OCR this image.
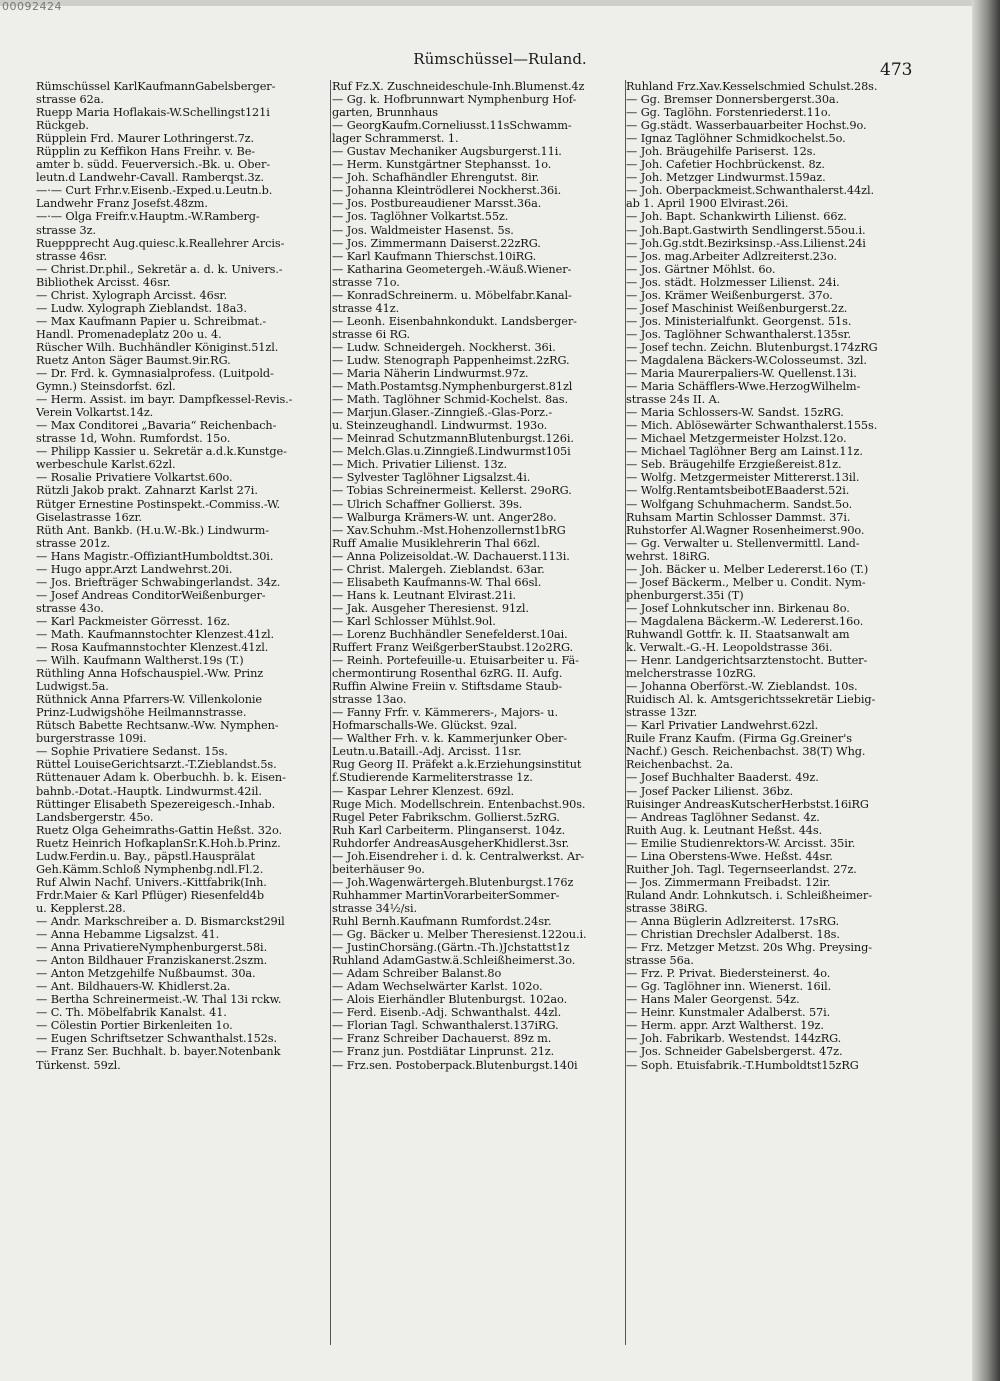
00092424
Rümschüssel—Ruland.
473
Rümschüssel KarlKaufmannGabelsberger-
strasse 62a.
Ruepp Maria Hoflakais-W.Schellingst121i
Rückgeb.
Rüpplein Frd. Maurer Lothringerst.7z.
Rüpplin zu Keffikon Hans Freihr. v. Be-
amter b. südd. Feuerversich.-Bk. u. Ober-
leutn.d Landwehr-Cavall. Ramberqst.3z.
—·— Curt Frhr.v.Eisenb.-Exped.u.Leutn.b.
Landwehr Franz Josefst.48zm.
—·— Olga Freifr.v.Hauptm.-W.Ramberg-
strasse 3z.
Rueppprecht Aug.quiesc.k.Reallehrer Arcis-
strasse 46sr.
— Christ.Dr.phil., Sekretär a. d. k. Univers.-
Bibliothek Arcisst. 46sr.
— Christ. Xylograph Arcisst. 46sr.
— Ludw. Xylograph Zieblandst. 18a3.
— Max Kaufmann Papier u. Schreibmat.-
Handl. Promenadeplatz 20o u. 4.
Rüscher Wilh. Buchhändler Königinst.51zl.
Ruetz Anton Säger Baumst.9ir.RG.
— Dr. Frd. k. Gymnasialprofess. (Luitpold-
Gymn.) Steinsdorfst. 6zl.
— Herm. Assist. im bayr. Dampfkessel-Revis.-
Verein Volkartst.14z.
— Max Conditorei „Bavaria“ Reichenbach-
strasse 1d, Wohn. Rumfordst. 15o.
— Philipp Kassier u. Sekretär a.d.k.Kunstge-
werbeschule Karlst.62zl.
— Rosalie Privatiere Volkartst.60o.
Rützli Jakob prakt. Zahnarzt Karlst 27i.
Rütger Ernestine Postinspekt.-Commiss.-W.
Giselastrasse 16zr.
Rüth Ant. Bankb. (H.u.W.-Bk.) Lindwurm-
strasse 201z.
— Hans Magistr.-OffiziantHumboldtst.30i.
— Hugo appr.Arzt Landwehrst.20i.
— Jos. Briefträger Schwabingerlandst. 34z.
— Josef Andreas ConditorWeißenburger-
strasse 43o.
— Karl Packmeister Görresst. 16z.
— Math. Kaufmannstochter Klenzest.41zl.
— Rosa Kaufmannstochter Klenzest.41zl.
— Wilh. Kaufmann Waltherst.19s (T.)
Rüthling Anna Hofschauspiel.-Ww. Prinz
Ludwigst.5a.
Rüthnick Anna Pfarrers-W. Villenkolonie
Prinz-Ludwigshöhe Heilmannstrasse.
Rütsch Babette Rechtsanw.-Ww. Nymphen-
burgerstrasse 109i.
— Sophie Privatiere Sedanst. 15s.
Rüttel LouiseGerichtsarzt.-T.Zieblandst.5s.
Rüttenauer Adam k. Oberbuchh. b. k. Eisen-
bahnb.-Dotat.-Hauptk. Lindwurmst.42il.
Rüttinger Elisabeth Spezereigesch.-Inhab.
Landsbergerstr. 45o.
Ruetz Olga Geheimraths-Gattin Heßst. 32o.
Ruetz Heinrich HofkaplanSr.K.Hoh.b.Prinz.
Ludw.Ferdin.u. Bay., päpstl.Hausprälat
Geh.Kämm.Schloß Nymphenbg.ndl.Fl.2.
Ruf Alwin Nachf. Univers.-Kittfabrik(Inh.
Frdr.Maier & Karl Pflüger) Riesenfeld4b
u. Kepplerst.28.
— Andr. Markschreiber a. D. Bismarckst29il
— Anna Hebamme Ligsalzst. 41.
— Anna PrivatiereNymphenburgerst.58i.
— Anton Bildhauer Franziskanerst.2szm.
— Anton Metzgehilfe Nußbaumst. 30a.
— Ant. Bildhauers-W. Khidlerst.2a.
— Bertha Schreinermeist.-W. Thal 13i rckw.
— C. Th. Möbelfabrik Kanalst. 41.
— Cölestin Portier Birkenleiten 1o.
— Eugen Schriftsetzer Schwanthalst.152s.
— Franz Ser. Buchhalt. b. bayer.Notenbank
Türkenst. 59zl.
Ruf Fz.X. Zuschneideschule-Inh.Blumenst.4z
— Gg. k. Hofbrunnwart Nymphenburg Hof-
garten, Brunnhaus
— GeorgKaufm.Corneliusst.11sSchwamm-
lager Schrammerst. 1.
— Gustav Mechaniker Augsburgerst.11i.
— Herm. Kunstgärtner Stephansst. 1o.
— Joh. Schafhändler Ehrengutst. 8ir.
— Johanna Kleintrödlerei Nockherst.36i.
— Jos. Postbureaudiener Marsst.36a.
— Jos. Taglöhner Volkartst.55z.
— Jos. Waldmeister Hasenst. 5s.
— Jos. Zimmermann Daiserst.22zRG.
— Karl Kaufmann Thierschst.10iRG.
— Katharina Geometergeh.-W.äuß.Wiener-
strasse 71o.
— KonradSchreinerm. u. Möbelfabr.Kanal-
strasse 41z.
— Leonh. Eisenbahnkondukt. Landsberger-
strasse 6i RG.
— Ludw. Schneidergeh. Nockherst. 36i.
— Ludw. Stenograph Pappenheimst.2zRG.
— Maria Näherin Lindwurmst.97z.
— Math.Postamtsg.Nymphenburgerst.81zl
— Math. Taglöhner Schmid-Kochelst. 8as.
— Marjun.Glaser.-Zinngieß.-Glas-Porz.-
u. Steinzeughandl. Lindwurmst. 193o.
— Meinrad SchutzmannBlutenburgst.126i.
— Melch.Glas.u.Zinngieß.Lindwurmst105i
— Mich. Privatier Lilienst. 13z.
— Sylvester Taglöhner Ligsalzst.4i.
— Tobias Schreinermeist. Kellerst. 29oRG.
— Ulrich Schaffner Gollierst. 39s.
— Walburga Krämers-W. unt. Anger28o.
— Xav.Schuhm.-Mst.Hohenzollernst1bRG
Ruff Amalie Musiklehrerin Thal 66zl.
— Anna Polizeisoldat.-W. Dachauerst.113i.
— Christ. Malergeh. Zieblandst. 63ar.
— Elisabeth Kaufmanns-W. Thal 66sl.
— Hans k. Leutnant Elvirast.21i.
— Jak. Ausgeher Theresienst. 91zl.
— Karl Schlosser Mühlst.9ol.
— Lorenz Buchhändler Senefelderst.10ai.
Ruffert Franz WeißgerberStaubst.12o2RG.
— Reinh. Portefeuille-u. Etuisarbeiter u. Fä-
chermontirung Rosenthal 6zRG. II. Aufg.
Ruffin Alwine Freiin v. Stiftsdame Staub-
strasse 13ao.
— Fanny Frfr. v. Kämmerers-, Majors- u.
Hofmarschalls-We. Glückst. 9zal.
— Walther Frh. v. k. Kammerjunker Ober-
Leutn.u.Bataill.-Adj. Arcisst. 11sr.
Rug Georg II. Präfekt a.k.Erziehungsinstitut
f.Studierende Karmeliterstrasse 1z.
— Kaspar Lehrer Klenzest. 69zl.
Ruge Mich. Modellschrein. Entenbachst.90s.
Rugel Peter Fabrikschm. Gollierst.5zRG.
Ruh Karl Carbeiterm. Plinganserst. 104z.
Ruhdorfer AndreasAusgeherKhidlerst.3sr.
— Joh.Eisendreher i. d. k. Centralwerkst. Ar-
beiterhäuser 9o.
— Joh.Wagenwärtergeh.Blutenburgst.176z
Ruhhammer MartinVorarbeiterSommer-
strasse 34½/si.
Ruhl Bernh.Kaufmann Rumfordst.24sr.
— Gg. Bäcker u. Melber Theresienst.122ou.i.
— JustinChorsäng.(Gärtn.-Th.)Jchstattst1z
Ruhland AdamGastw.ä.Schleißheimerst.3o.
— Adam Schreiber Balanst.8o
— Adam Wechselwärter Karlst. 102o.
— Alois Eierhändler Blutenburgst. 102ao.
— Ferd. Eisenb.-Adj. Schwanthalst. 44zl.
— Florian Tagl. Schwanthalerst.137iRG.
— Franz Schreiber Dachauerst. 89z m.
— Franz jun. Postdiätar Linprunst. 21z.
— Frz.sen. Postoberpack.Blutenburgst.140i
Ruhland Frz.Xav.Kesselschmied Schulst.28s.
— Gg. Bremser Donnersbergerst.30a.
— Gg. Taglöhn. Forstenriederst.11o.
— Gg.städt. Wasserbauarbeiter Hochst.9o.
— Ignaz Taglöhner Schmidkochelst.5o.
— Joh. Bräugehilfe Pariserst. 12s.
— Joh. Cafetier Hochbrückenst. 8z.
— Joh. Metzger Lindwurmst.159az.
— Joh. Oberpackmeist.Schwanthalerst.44zl.
ab 1. April 1900 Elvirast.26i.
— Joh. Bapt. Schankwirth Lilienst. 66z.
— Joh.Bapt.Gastwirth Sendlingerst.55ou.i.
— Joh.Gg.stdt.Bezirksinsp.-Ass.Lilienst.24i
— Jos. mag.Arbeiter Adlzreiterst.23o.
— Jos. Gärtner Möhlst. 6o.
— Jos. städt. Holzmesser Lilienst. 24i.
— Jos. Krämer Weißenburgerst. 37o.
— Josef Maschinist Weißenburgerst.2z.
— Jos. Ministerialfunkt. Georgenst. 51s.
— Jos. Taglöhner Schwanthalerst.135sr.
— Josef techn. Zeichn. Blutenburgst.174zRG
— Magdalena Bäckers-W.Colosseumst. 3zl.
— Maria Maurerpaliers-W. Quellenst.13i.
— Maria Schäfflers-Wwe.HerzogWilhelm-
strasse 24s II. A.
— Maria Schlossers-W. Sandst. 15zRG.
— Mich. Ablösewärter Schwanthalerst.155s.
— Michael Metzgermeister Holzst.12o.
— Michael Taglöhner Berg am Lainst.11z.
— Seb. Bräugehilfe Erzgießereist.81z.
— Wolfg. Metzgermeister Mittererst.13il.
— Wolfg.RentamtsbeibotEBaaderst.52i.
— Wolfgang Schuhmacherm. Sandst.5o.
Ruhsam Martin Schlosser Dammst. 37i.
Ruhstorfer Al.Wagner Rosenheimerst.90o.
— Gg. Verwalter u. Stellenvermittl. Land-
wehrst. 18iRG.
— Joh. Bäcker u. Melber Ledererst.16o (T.)
— Josef Bäckerm., Melber u. Condit. Nym-
phenburgerst.35i (T)
— Josef Lohnkutscher inn. Birkenau 8o.
— Magdalena Bäckerm.-W. Ledererst.16o.
Ruhwandl Gottfr. k. II. Staatsanwalt am
k. Verwalt.-G.-H. Leopoldstrasse 36i.
— Henr. Landgerichtsarztenstocht. Butter-
melcherstrasse 10zRG.
— Johanna Oberförst.-W. Zieblandst. 10s.
Ruidisch Al. k. Amtsgerichtssekretär Liebig-
strasse 13zr.
— Karl Privatier Landwehrst.62zl.
Ruile Franz Kaufm. (Firma Gg.Greiner's
Nachf.) Gesch. Reichenbachst. 38(T) Whg.
Reichenbachst. 2a.
— Josef Buchhalter Baaderst. 49z.
— Josef Packer Lilienst. 36bz.
Ruisinger AndreasKutscherHerbstst.16iRG
— Andreas Taglöhner Sedanst. 4z.
Ruith Aug. k. Leutnant Heßst. 44s.
— Emilie Studienrektors-W. Arcisst. 35ir.
— Lina Oberstens-Wwe. Heßst. 44sr.
Ruither Joh. Tagl. Tegernseerlandst. 27z.
— Jos. Zimmermann Freibadst. 12ir.
Ruland Andr. Lohnkutsch. i. Schleißheimer-
strasse 38iRG.
— Anna Büglerin Adlzreiterst. 17sRG.
— Christian Drechsler Adalberst. 18s.
— Frz. Metzger Metzst. 20s Whg. Preysing-
strasse 56a.
— Frz. P. Privat. Biedersteinerst. 4o.
— Gg. Taglöhner inn. Wienerst. 16il.
— Hans Maler Georgenst. 54z.
— Heinr. Kunstmaler Adalberst. 57i.
— Herm. appr. Arzt Waltherst. 19z.
— Joh. Fabrikarb. Westendst. 144zRG.
— Jos. Schneider Gabelsbergerst. 47z.
— Soph. Etuisfabrik.-T.Humboldtst15zRG
